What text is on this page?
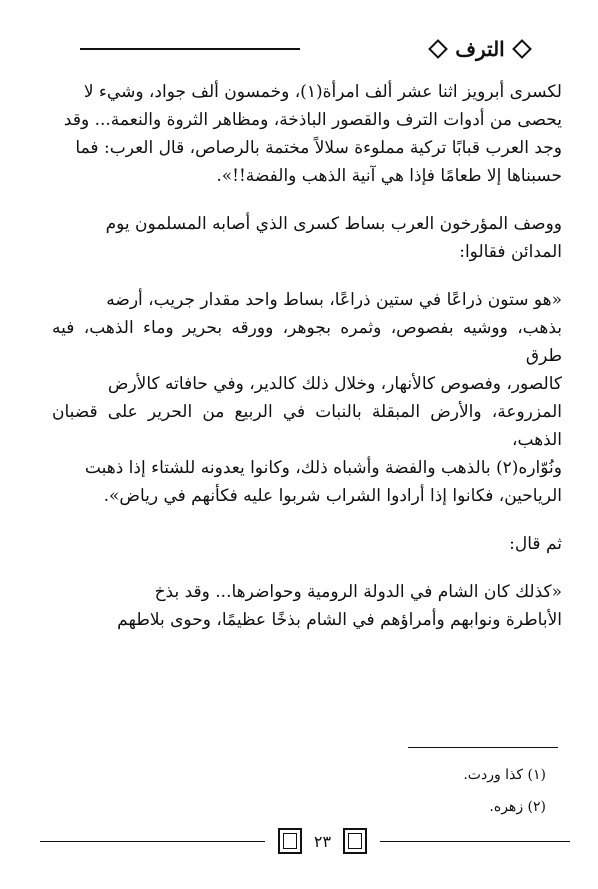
الترف

لكسرى أبرويز اثنا عشر ألف امرأة(١)، وخمسون ألف جواد، وشيء لا

يحصى من أدوات الترف والقصور الباذخة، ومظاهر الثروة والنعمة... وقد

وجد العرب قبابًا تركية مملوءة سلالاً مختمة بالرصاص، قال العرب: فما

حسبناها إلا طعامًا فإذا هي آنية الذهب والفضة!!».

ووصف المؤرخون العرب بساط كسرى الذي أصابه المسلمون يوم

المدائن فقالوا:

«هو ستون ذراعًا في ستين ذراعًا، بساط واحد مقدار جريب، أرضه

بذهب، ووشيه بفصوص، وثمره بجوهر، وورقه بحرير وماء الذهب، فيه طرق

كالصور، وفصوص كالأنهار، وخلال ذلك كالدير، وفي حافاته كالأرض

المزروعة، والأرض المبقلة بالنبات في الربيع من الحرير على قضبان الذهب،

ونُوّاره(٢) بالذهب والفضة وأشباه ذلك، وكانوا يعدونه للشتاء إذا ذهبت

الرياحين، فكانوا إذا أرادوا الشراب شربوا عليه فكأنهم في رياض».

ثم قال:

«كذلك كان الشام في الدولة الرومية وحواضرها... وقد بذخ

الأباطرة ونوابهم وأمراؤهم في الشام بذخًا عظيمًا، وحوى بلاطهم

(١) كذا وردت.
(٢) زهره.
٢٣
